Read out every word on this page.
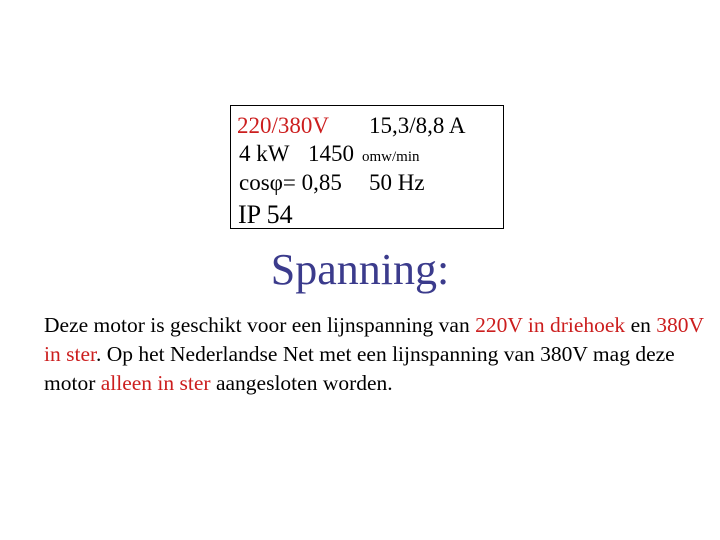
220/380V 15,3/8,8 A
4 kW 1450 omw/min
cosφ= 0,85 50 Hz
IP 54
Spanning:
Deze motor is geschikt voor een lijnspanning van 220V in driehoek en 380V in ster. Op het Nederlandse Net met een lijnspanning van 380V mag deze motor alleen in ster aangesloten worden.
